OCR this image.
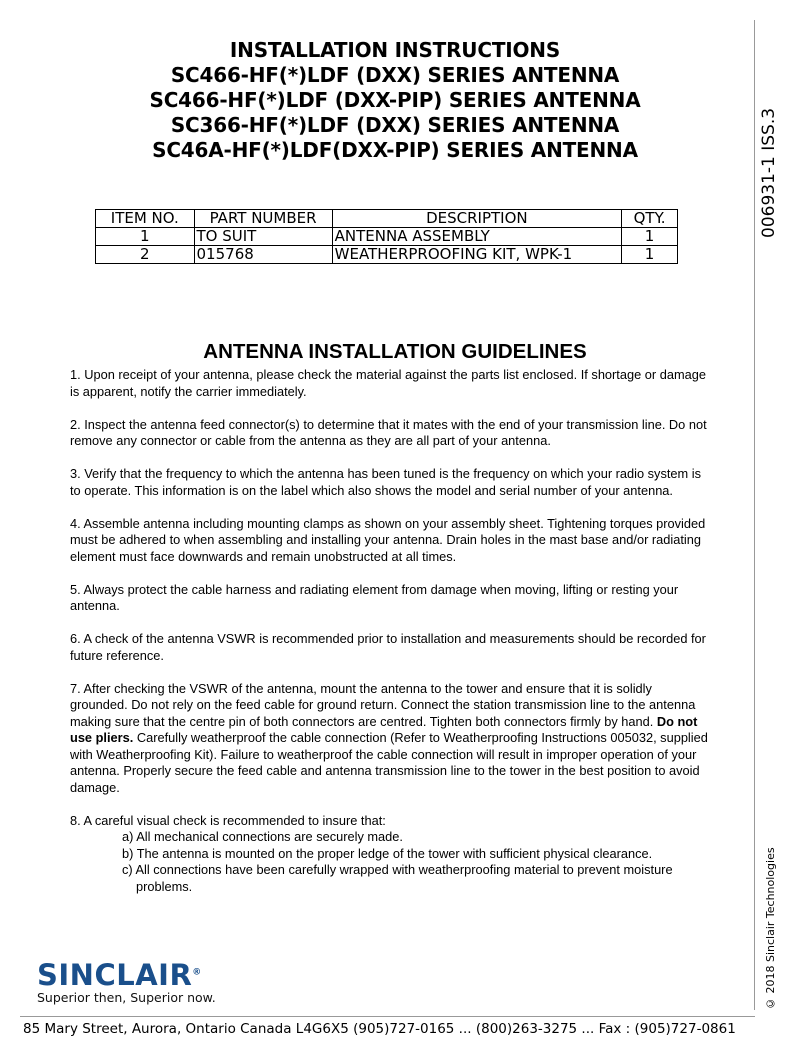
INSTALLATION INSTRUCTIONS
SC466-HF(*)LDF (DXX) SERIES ANTENNA
SC466-HF(*)LDF (DXX-PIP) SERIES ANTENNA
SC366-HF(*)LDF (DXX) SERIES ANTENNA
SC46A-HF(*)LDF(DXX-PIP) SERIES ANTENNA	006931-1 ISS.3
© 2018 Sinclair Technologies
ITEM NO.	PART NUMBER	DESCRIPTION	QTY.
1	TO SUIT	ANTENNA ASSEMBLY	1
2	015768	WEATHERPROOFING KIT, WPK-1	1
ANTENNA INSTALLATION GUIDELINES

1. Upon receipt of your antenna, please check the material against the parts list enclosed. If shortage or damage is apparent, notify the carrier immediately.

2. Inspect the antenna feed connector(s) to determine that it mates with the end of your transmission line. Do not remove any connector or cable from the antenna as they are all part of your antenna.

3. Verify that the frequency to which the antenna has been tuned is the frequency on which your radio system is to operate. This information is on the label which also shows the model and serial number of your antenna.

4. Assemble antenna including mounting clamps as shown on your assembly sheet. Tightening torques provided must be adhered to when assembling and installing your antenna. Drain holes in the mast base and/or radiating element must face downwards and remain unobstructed at all times.

5. Always protect the cable harness and radiating element from damage when moving, lifting or resting your antenna.

6. A check of the antenna VSWR is recommended prior to installation and measurements should be recorded for future reference.

7. After checking the VSWR of the antenna, mount the antenna to the tower and ensure that it is solidly grounded. Do not rely on the feed cable for ground return. Connect the station transmission line to the antenna making sure that the centre pin of both connectors are centred. Tighten both connectors firmly by hand. Do not use pliers. Carefully weatherproof the cable connection (Refer to Weatherproofing Instructions 005032, supplied with Weatherproofing Kit). Failure to weatherproof the cable connection will result in improper operation of your antenna. Properly secure the feed cable and antenna transmission line to the tower in the best position to avoid damage.

8. A careful visual check is recommended to insure that:
a) All mechanical connections are securely made.
b) The antenna is mounted on the proper ledge of the tower with sufficient physical clearance.
c) All connections have been carefully wrapped with weatherproofing material to prevent moisture
problems.
SINCLAIR®
Superior then, Superior now.
85 Mary Street, Aurora, Ontario Canada L4G6X5 (905)727-0165 ... (800)263-3275 ... Fax : (905)727-0861
